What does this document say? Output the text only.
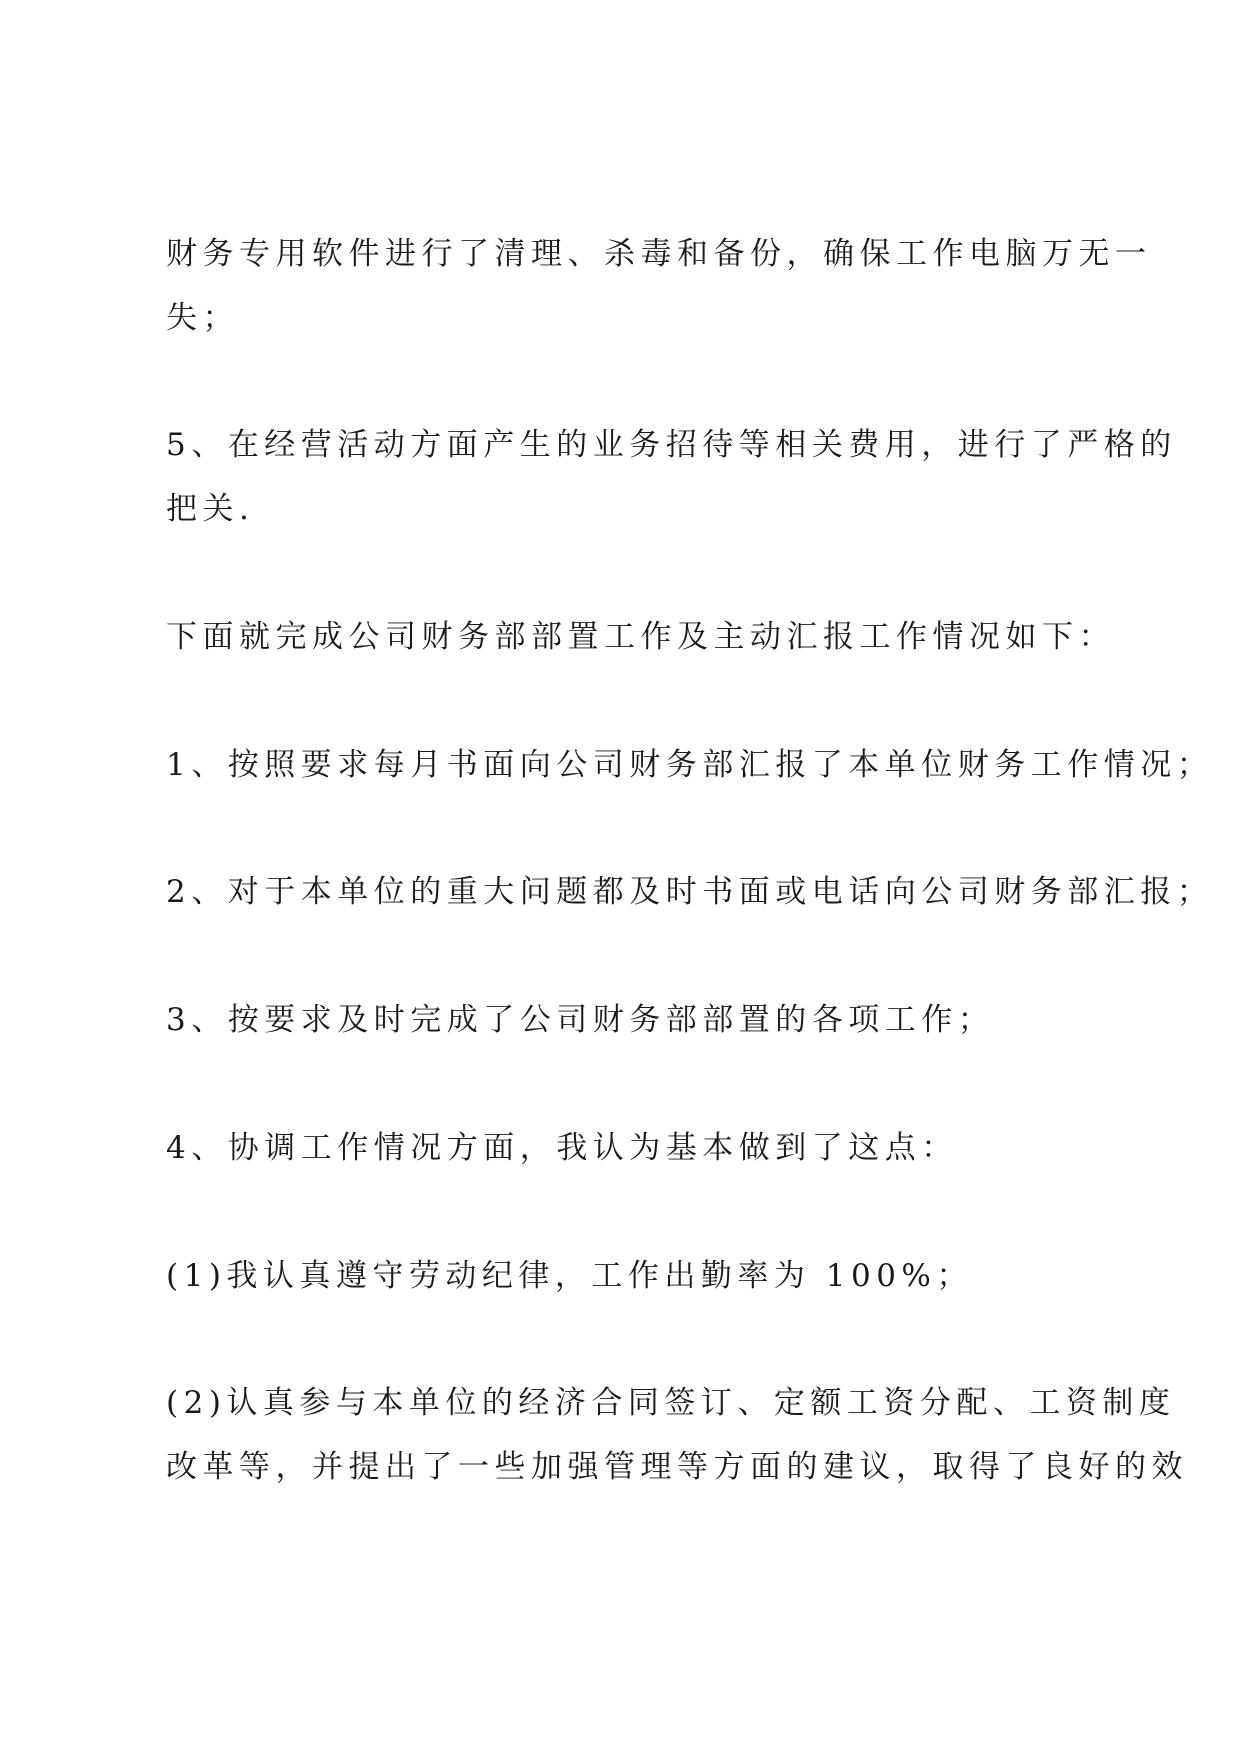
财务专用软件进行了清理、杀毒和备份，确保工作电脑万无一
失；

5、在经营活动方面产生的业务招待等相关费用，进行了严格的
把关.

下面就完成公司财务部部置工作及主动汇报工作情况如下：

1、按照要求每月书面向公司财务部汇报了本单位财务工作情况；

2、对于本单位的重大问题都及时书面或电话向公司财务部汇报；

3、按要求及时完成了公司财务部部置的各项工作；

4、协调工作情况方面，我认为基本做到了这点：

(1)我认真遵守劳动纪律，工作出勤率为 100%；

(2)认真参与本单位的经济合同签订、定额工资分配、工资制度
改革等，并提出了一些加强管理等方面的建议，取得了良好的效
